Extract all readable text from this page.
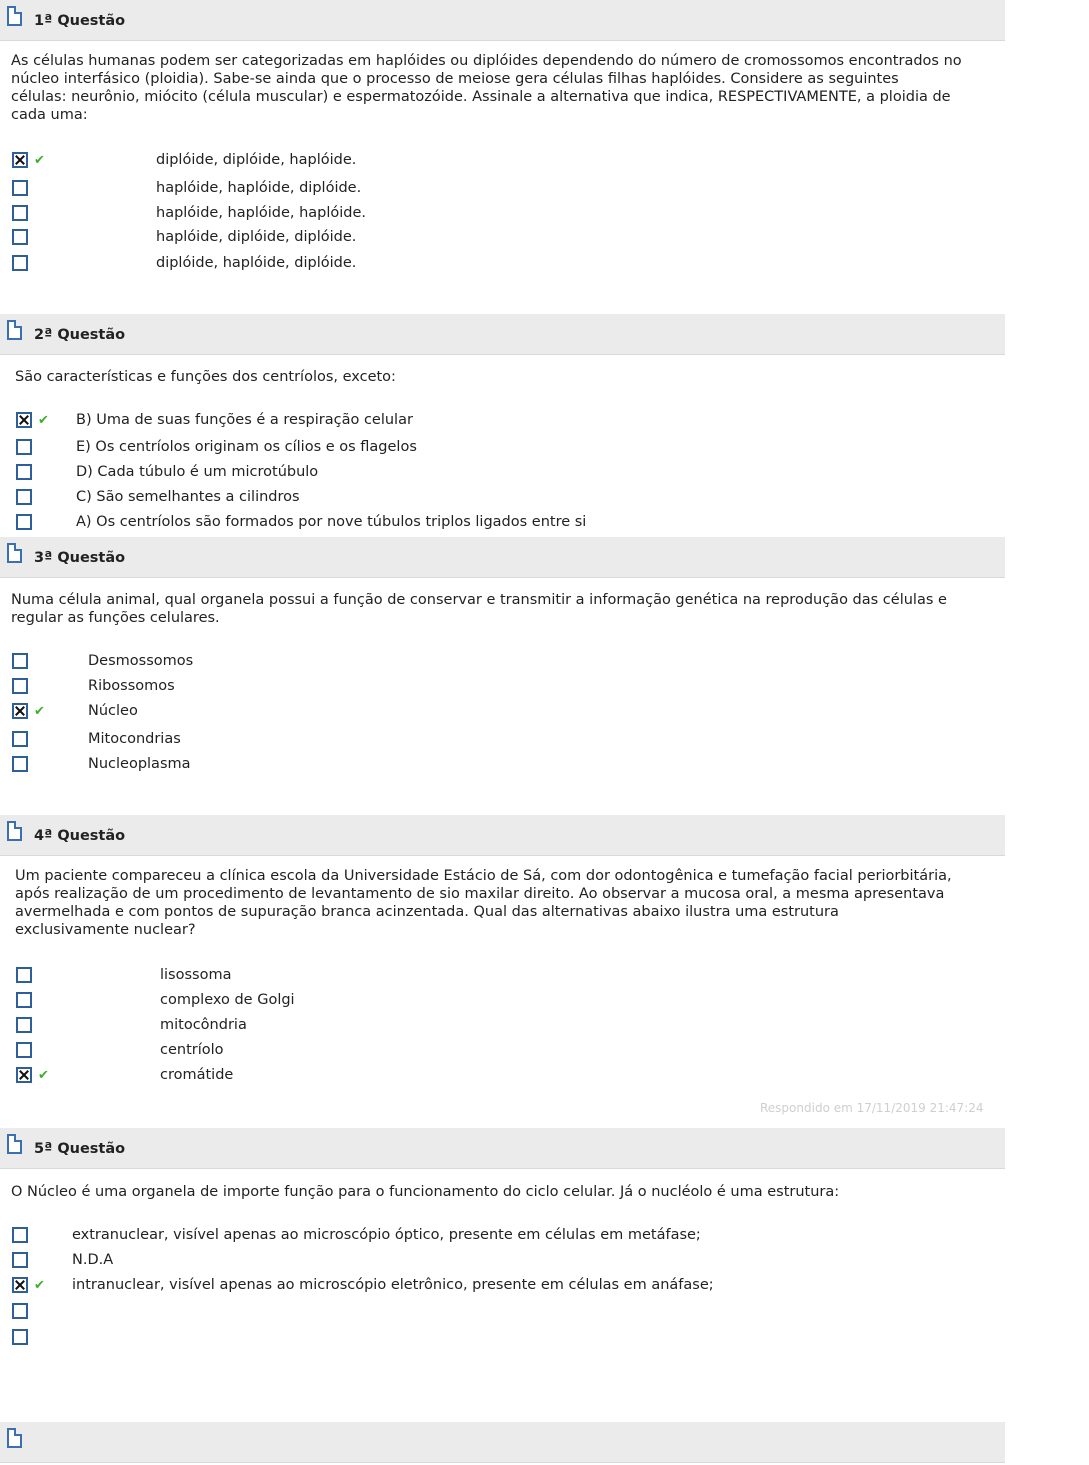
1ª Questão
As células humanas podem ser categorizadas em haplóides ou diplóides dependendo do número de cromossomos encontrados no
núcleo interfásico (ploidia). Sabe-se ainda que o processo de meiose gera células filhas haplóides. Considere as seguintes
células: neurônio, miócito (célula muscular) e espermatozóide. Assinale a alternativa que indica, RESPECTIVAMENTE, a ploidia de
cada uma:
2ª Questão
São características e funções dos centríolos, exceto:
3ª Questão
Numa célula animal, qual organela possui a função de conservar e transmitir a informação genética na reprodução das células e
regular as funções celulares.
4ª Questão
Um paciente compareceu a clínica escola da Universidade Estácio de Sá, com dor odontogênica e tumefação facial periorbitária,
após realização de um procedimento de levantamento de sio maxilar direito. Ao observar a mucosa oral, a mesma apresentava
avermelhada e com pontos de supuração branca acinzentada. Qual das alternativas abaixo ilustra uma estrutura
exclusivamente nuclear?
Respondido em 17/11/2019 21:47:24
5ª Questão
O Núcleo é uma organela de importe função para o funcionamento do ciclo celular. Já o nucléolo é uma estrutura:
✔	diplóide, diplóide, haplóide.
haplóide, haplóide, diplóide.
haplóide, haplóide, haplóide.
haplóide, diplóide, diplóide.
diplóide, haplóide, diplóide.
✔ B) Uma de suas funções é a respiração celular
E) Os centríolos originam os cílios e os flagelos
D) Cada túbulo é um microtúbulo
C) São semelhantes a cilindros
A) Os centríolos são formados por nove túbulos triplos ligados entre si
Desmossomos
Ribossomos
✔	Núcleo
Mitocondrias
Nucleoplasma
lisossoma
complexo de Golgi
mitocôndria
centríolo
✔	cromátide
extranuclear, visível apenas ao microscópio óptico, presente em células em metáfase;
N.D.A
✔ intranuclear, visível apenas ao microscópio eletrônico, presente em células em anáfase;
